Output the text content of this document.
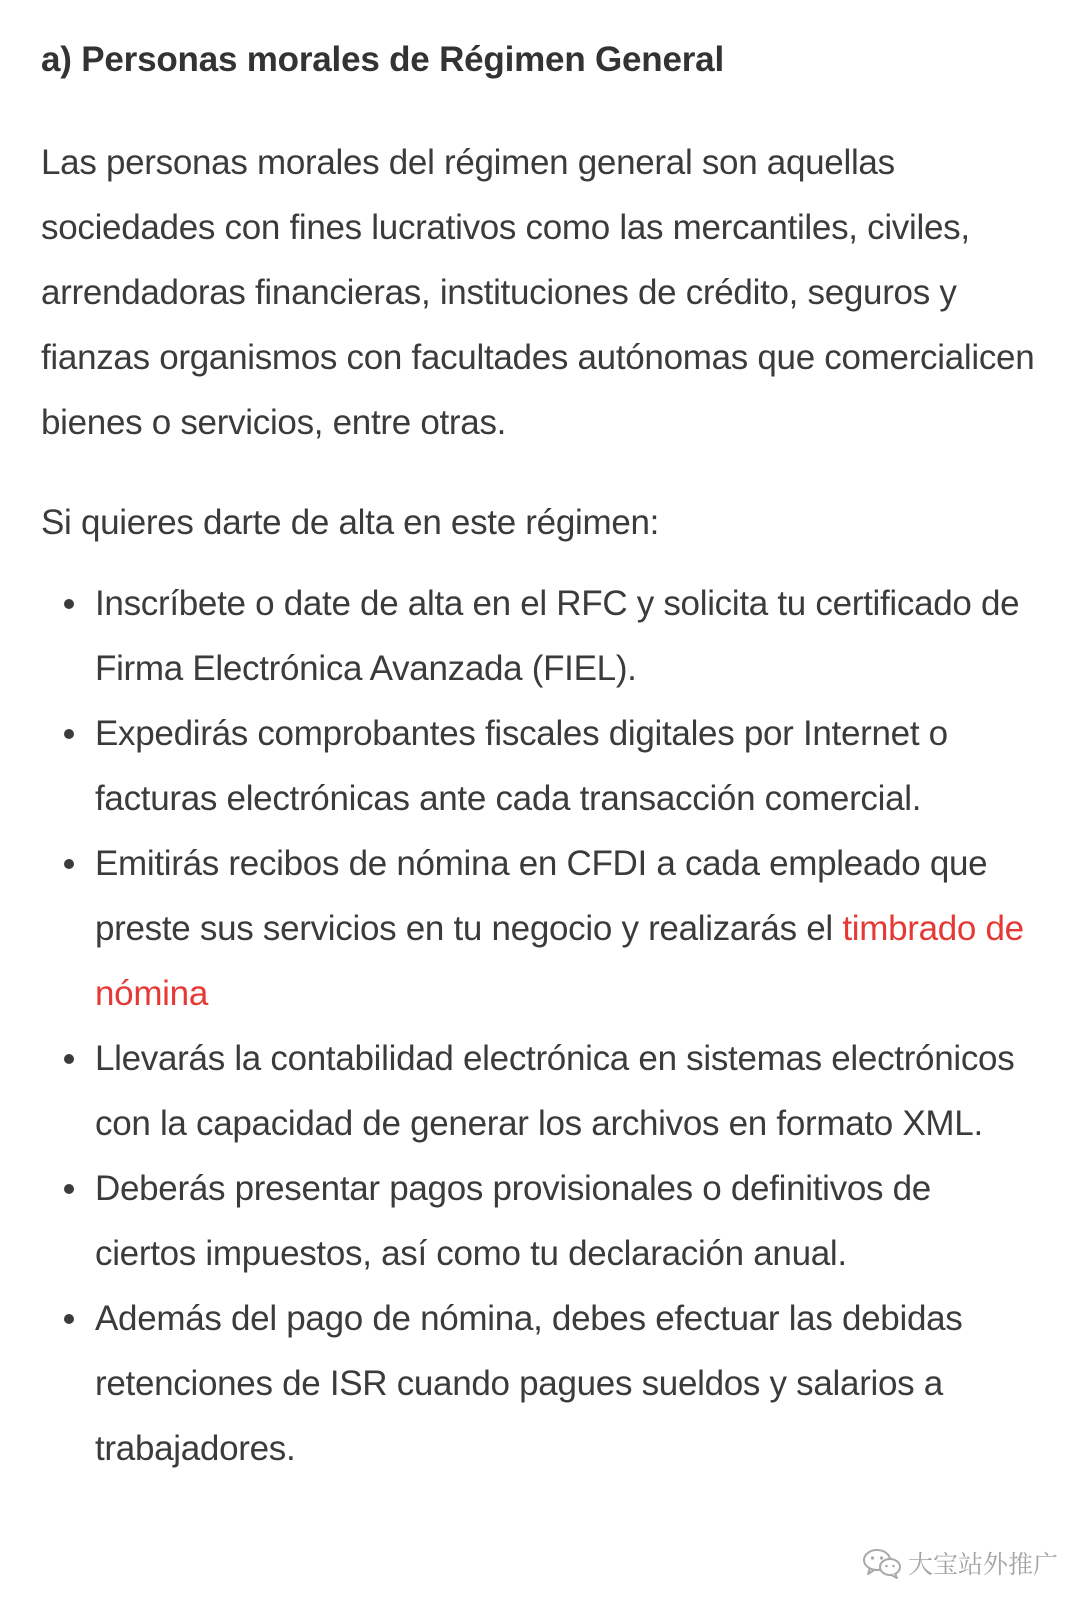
a) Personas morales de Régimen General

Las personas morales del régimen general son aquellas sociedades con fines lucrativos como las mercantiles, civiles, arrendadoras financieras, instituciones de crédito, seguros y fianzas organismos con facultades autónomas que comercialicen bienes o servicios, entre otras.

Si quieres darte de alta en este régimen:

Inscríbete o date de alta en el RFC y solicita tu certificado de Firma Electrónica Avanzada (FIEL).
Expedirás comprobantes fiscales digitales por Internet o facturas electrónicas ante cada transacción comercial.
Emitirás recibos de nómina en CFDI a cada empleado que preste sus servicios en tu negocio y realizarás el timbrado de nómina
Llevarás la contabilidad electrónica en sistemas electrónicos con la capacidad de generar los archivos en formato XML.
Deberás presentar pagos provisionales o definitivos de ciertos impuestos, así como tu declaración anual.
Además del pago de nómina, debes efectuar las debidas retenciones de ISR cuando pagues sueldos y salarios a trabajadores.
大宝站外推广
